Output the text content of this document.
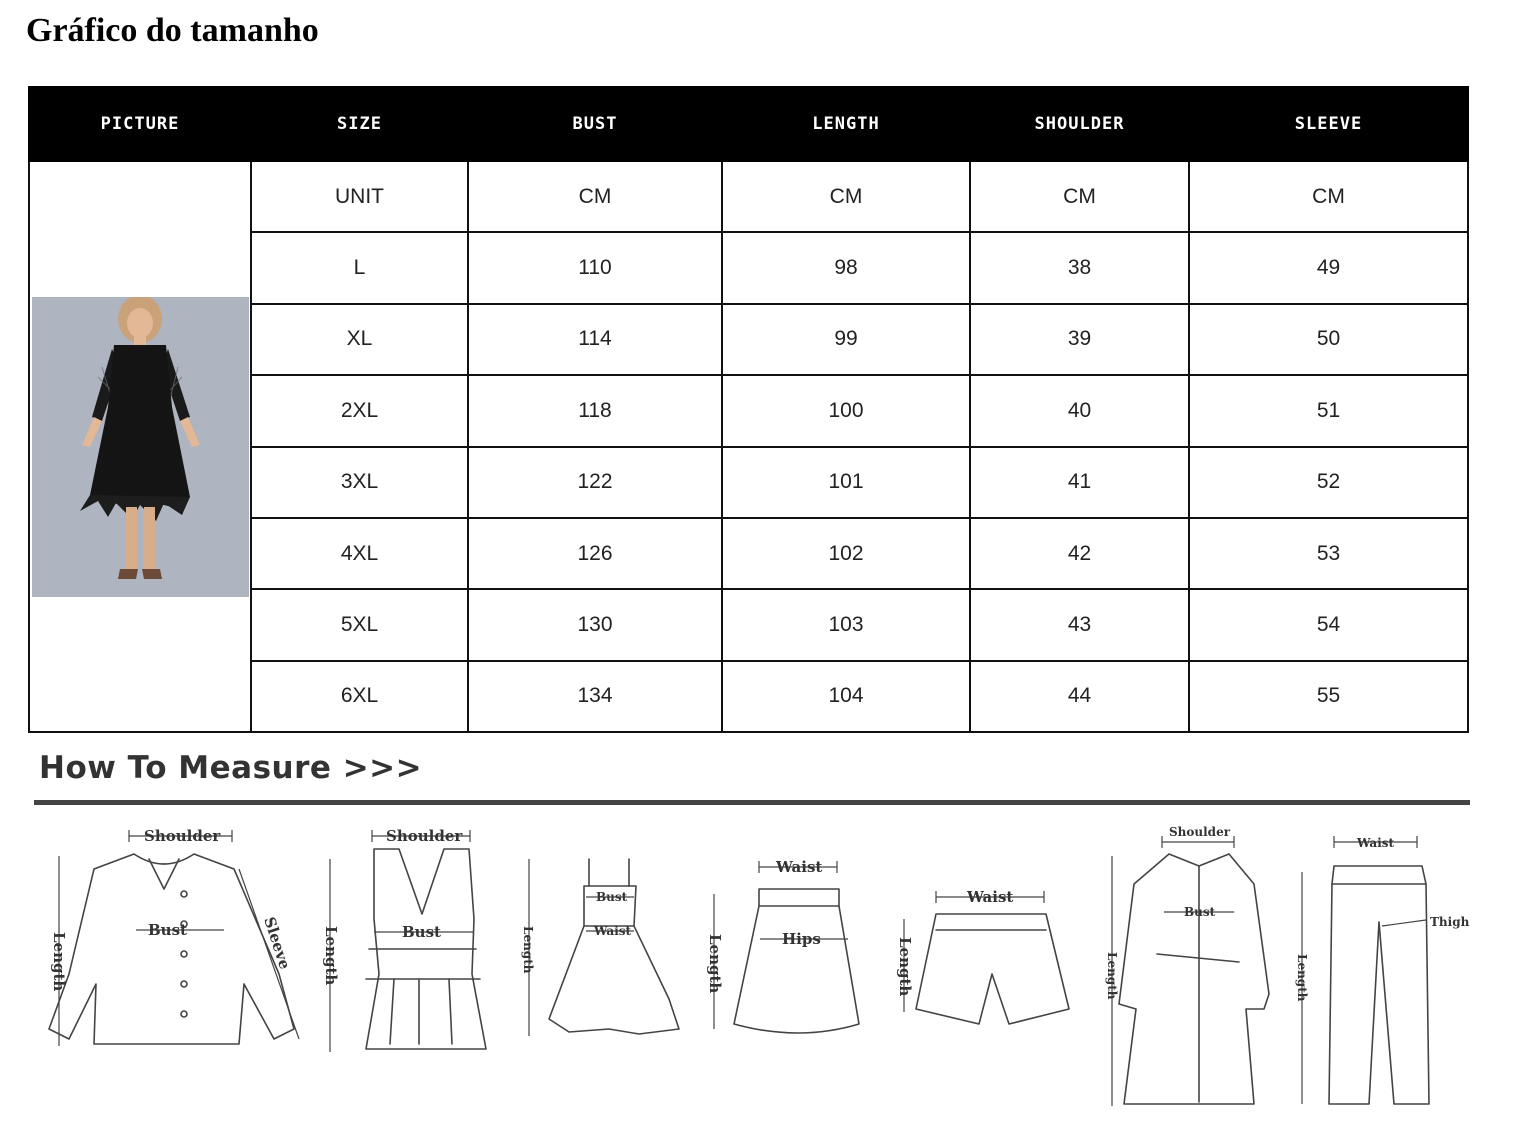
Gráfico do tamanho
PICTURE	SIZE	BUST	LENGTH	SHOULDER	SLEEVE

	UNIT	CM	CM	CM	CM
	L	110	98	38	49
	XL	114	99	39	50
	2XL	118	100	40	51
	3XL	122	101	41	52
	4XL	126	102	42	53
	5XL	130	103	43	54
	6XL	134	104	44	55
How To Measure >>>
Shoulder
Bust
Length	Sleeve
Shoulder
Bust
Length
Bust
Waist
Length
Waist
Hips
Length
Waist
Length
Shoulder
Bust
Length
Waist
Thigh
Length
